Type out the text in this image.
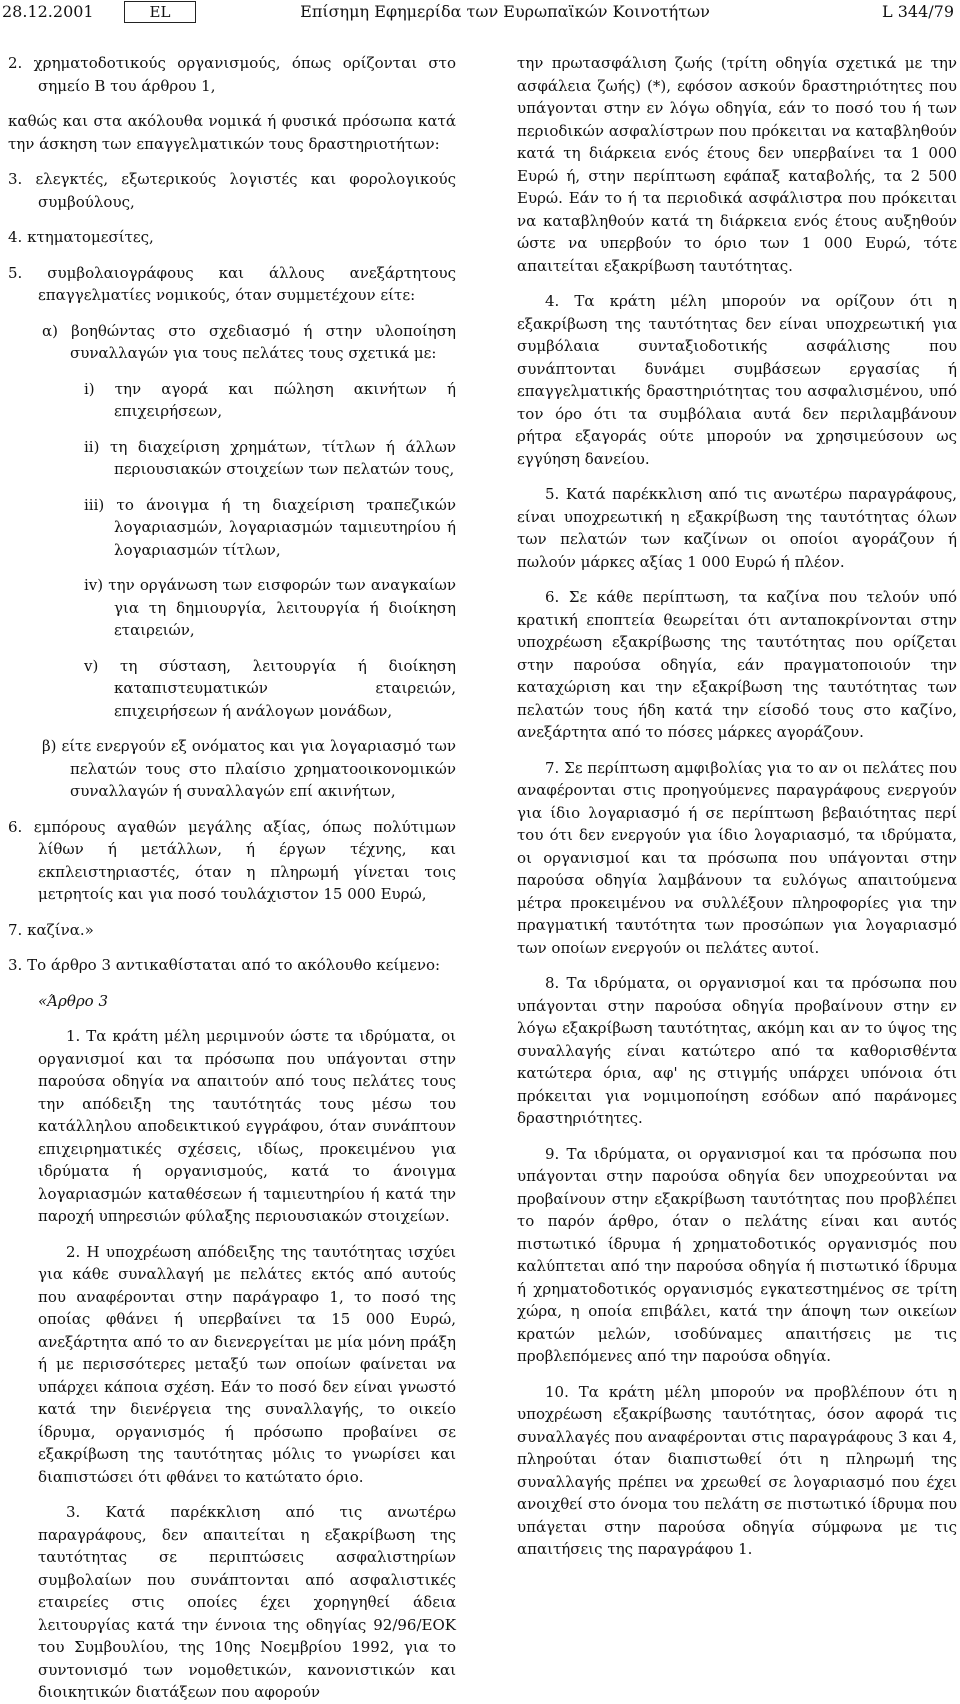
28.12.2001	EL	Επίσημη Εφημερίδα των Ευρωπαϊκών Κοινοτήτων	L 344/79

2. χρηματοδοτικούς οργανισμούς, όπως ορίζονται στο σημείο Β του άρθρου 1,

καθώς και στα ακόλουθα νομικά ή φυσικά πρόσωπα κατά την άσκηση των επαγγελματικών τους δραστηριοτήτων:

3. ελεγκτές, εξωτερικούς λογιστές και φορολογικούς συμβούλους,

4. κτηματομεσίτες,

5. συμβολαιογράφους και άλλους ανεξάρτητους επαγγελματίες νομικούς, όταν συμμετέχουν είτε:

α) βοηθώντας στο σχεδιασμό ή στην υλοποίηση συναλλαγών για τους πελάτες τους σχετικά με:

i) την αγορά και πώληση ακινήτων ή επιχειρήσεων,

ii) τη διαχείριση χρημάτων, τίτλων ή άλλων περιουσιακών στοιχείων των πελατών τους,

iii) το άνοιγμα ή τη διαχείριση τραπεζικών λογαριασμών, λογαριασμών ταμιευτηρίου ή λογαριασμών τίτλων,

iv) την οργάνωση των εισφορών των αναγκαίων για τη δημιουργία, λειτουργία ή διοίκηση εταιρειών,

v) τη σύσταση, λειτουργία ή διοίκηση καταπιστευματικών εταιρειών, επιχειρήσεων ή ανάλογων μονάδων,

β) είτε ενεργούν εξ ονόματος και για λογαριασμό των πελατών τους στο πλαίσιο χρηματοοικονομικών συναλλαγών ή συναλλαγών επί ακινήτων,

6. εμπόρους αγαθών μεγάλης αξίας, όπως πολύτιμων λίθων ή μετάλλων, ή έργων τέχνης, και εκπλειστηριαστές, όταν η πληρωμή γίνεται τοις μετρητοίς και για ποσό τουλάχιστον 15 000 Ευρώ,

7. καζίνα.»

3. Το άρθρο 3 αντικαθίσταται από το ακόλουθο κείμενο:

«Άρθρο 3

1. Τα κράτη μέλη μεριμνούν ώστε τα ιδρύματα, οι οργανισμοί και τα πρόσωπα που υπάγονται στην παρούσα οδηγία να απαιτούν από τους πελάτες τους την απόδειξη της ταυτότητάς τους μέσω του κατάλληλου αποδεικτικού εγγράφου, όταν συνάπτουν επιχειρηματικές σχέσεις, ιδίως, προκειμένου για ιδρύματα ή οργανισμούς, κατά το άνοιγμα λογαριασμών καταθέσεων ή ταμιευτηρίου ή κατά την παροχή υπηρεσιών φύλαξης περιουσιακών στοιχείων.

2. Η υποχρέωση απόδειξης της ταυτότητας ισχύει για κάθε συναλλαγή με πελάτες εκτός από αυτούς που αναφέρονται στην παράγραφο 1, το ποσό της οποίας φθάνει ή υπερβαίνει τα 15 000 Ευρώ, ανεξάρτητα από το αν διενεργείται με μία μόνη πράξη ή με περισσότερες μεταξύ των οποίων φαίνεται να υπάρχει κάποια σχέση. Εάν το ποσό δεν είναι γνωστό κατά την διενέργεια της συναλλαγής, το οικείο ίδρυμα, οργανισμός ή πρόσωπο προβαίνει σε εξακρίβωση της ταυτότητας μόλις το γνωρίσει και διαπιστώσει ότι φθάνει το κατώτατο όριο.

3. Κατά παρέκκλιση από τις ανωτέρω παραγράφους, δεν απαιτείται η εξακρίβωση της ταυτότητας σε περιπτώσεις ασφαλιστηρίων συμβολαίων που συνάπτονται από ασφαλιστικές εταιρείες στις οποίες έχει χορηγηθεί άδεια λειτουργίας κατά την έννοια της οδηγίας 92/96/ΕΟΚ του Συμβουλίου, της 10ης Νοεμβρίου 1992, για το συντονισμό των νομοθετικών, κανονιστικών και διοικητικών διατάξεων που αφορούν

την πρωτασφάλιση ζωής (τρίτη οδηγία σχετικά με την ασφάλεια ζωής) (*), εφόσον ασκούν δραστηριότητες που υπάγονται στην εν λόγω οδηγία, εάν το ποσό του ή των περιοδικών ασφαλίστρων που πρόκειται να καταβληθούν κατά τη διάρκεια ενός έτους δεν υπερβαίνει τα 1 000 Ευρώ ή, στην περίπτωση εφάπαξ καταβολής, τα 2 500 Ευρώ. Εάν το ή τα περιοδικά ασφάλιστρα που πρόκειται να καταβληθούν κατά τη διάρκεια ενός έτους αυξηθούν ώστε να υπερβούν το όριο των 1 000 Ευρώ, τότε απαιτείται εξακρίβωση ταυτότητας.

4. Τα κράτη μέλη μπορούν να ορίζουν ότι η εξακρίβωση της ταυτότητας δεν είναι υποχρεωτική για συμβόλαια συνταξιοδοτικής ασφάλισης που συνάπτονται δυνάμει συμβάσεων εργασίας ή επαγγελματικής δραστηριότητας του ασφαλισμένου, υπό τον όρο ότι τα συμβόλαια αυτά δεν περιλαμβάνουν ρήτρα εξαγοράς ούτε μπορούν να χρησιμεύσουν ως εγγύηση δανείου.

5. Κατά παρέκκλιση από τις ανωτέρω παραγράφους, είναι υποχρεωτική η εξακρίβωση της ταυτότητας όλων των πελατών των καζίνων οι οποίοι αγοράζουν ή πωλούν μάρκες αξίας 1 000 Ευρώ ή πλέον.

6. Σε κάθε περίπτωση, τα καζίνα που τελούν υπό κρατική εποπτεία θεωρείται ότι ανταποκρίνονται στην υποχρέωση εξακρίβωσης της ταυτότητας που ορίζεται στην παρούσα οδηγία, εάν πραγματοποιούν την καταχώριση και την εξακρίβωση της ταυτότητας των πελατών τους ήδη κατά την είσοδό τους στο καζίνο, ανεξάρτητα από το πόσες μάρκες αγοράζουν.

7. Σε περίπτωση αμφιβολίας για το αν οι πελάτες που αναφέρονται στις προηγούμενες παραγράφους ενεργούν για ίδιο λογαριασμό ή σε περίπτωση βεβαιότητας περί του ότι δεν ενεργούν για ίδιο λογαριασμό, τα ιδρύματα, οι οργανισμοί και τα πρόσωπα που υπάγονται στην παρούσα οδηγία λαμβάνουν τα ευλόγως απαιτούμενα μέτρα προκειμένου να συλλέξουν πληροφορίες για την πραγματική ταυτότητα των προσώπων για λογαριασμό των οποίων ενεργούν οι πελάτες αυτοί.

8. Τα ιδρύματα, οι οργανισμοί και τα πρόσωπα που υπάγονται στην παρούσα οδηγία προβαίνουν στην εν λόγω εξακρίβωση ταυτότητας, ακόμη και αν το ύψος της συναλλαγής είναι κατώτερο από τα καθορισθέντα κατώτερα όρια, αφ' ης στιγμής υπάρχει υπόνοια ότι πρόκειται για νομιμοποίηση εσόδων από παράνομες δραστηριότητες.

9. Τα ιδρύματα, οι οργανισμοί και τα πρόσωπα που υπάγονται στην παρούσα οδηγία δεν υποχρεούνται να προβαίνουν στην εξακρίβωση ταυτότητας που προβλέπει το παρόν άρθρο, όταν ο πελάτης είναι και αυτός πιστωτικό ίδρυμα ή χρηματοδοτικός οργανισμός που καλύπτεται από την παρούσα οδηγία ή πιστωτικό ίδρυμα ή χρηματοδοτικός οργανισμός εγκατεστημένος σε τρίτη χώρα, η οποία επιβάλει, κατά την άποψη των οικείων κρατών μελών, ισοδύναμες απαιτήσεις με τις προβλεπόμενες από την παρούσα οδηγία.

10. Τα κράτη μέλη μπορούν να προβλέπουν ότι η υποχρέωση εξακρίβωσης ταυτότητας, όσον αφορά τις συναλλαγές που αναφέρονται στις παραγράφους 3 και 4, πληρούται όταν διαπιστωθεί ότι η πληρωμή της συναλλαγής πρέπει να χρεωθεί σε λογαριασμό που έχει ανοιχθεί στο όνομα του πελάτη σε πιστωτικό ίδρυμα που υπάγεται στην παρούσα οδηγία σύμφωνα με τις απαιτήσεις της παραγράφου 1.
